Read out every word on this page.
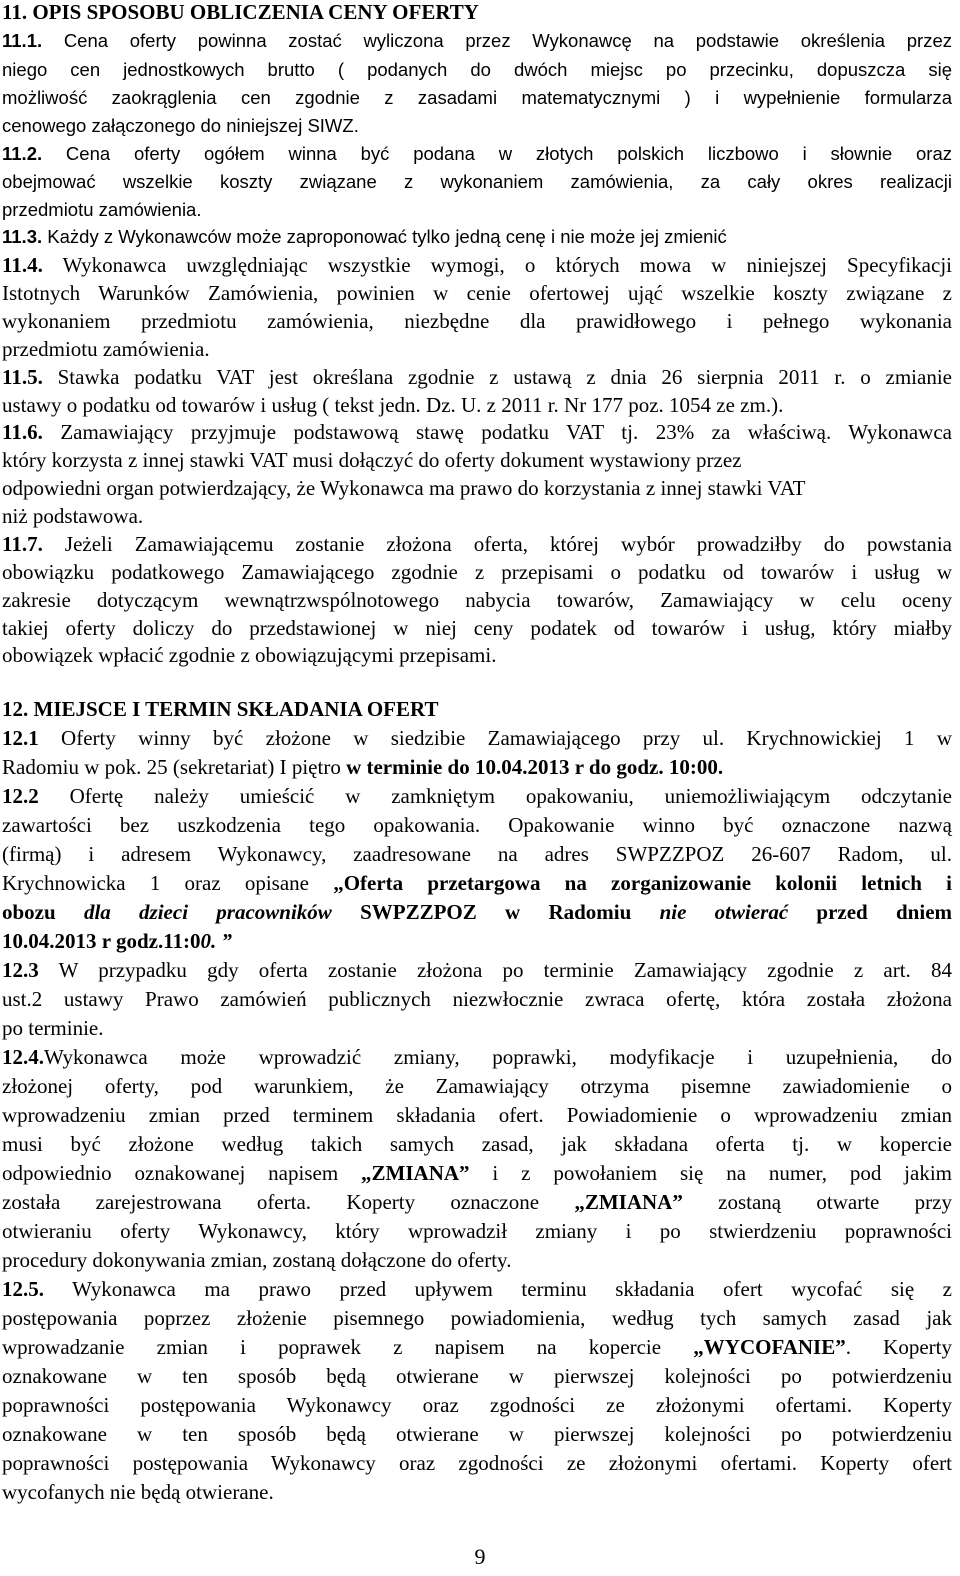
11. OPIS SPOSOBU OBLICZENIA CENY OFERTY
11.1. Cena oferty powinna zostać wyliczona przez Wykonawcę na podstawie określenia przez
niego cen jednostkowych brutto ( podanych do dwóch miejsc po przecinku, dopuszcza się
możliwość zaokrąglenia cen zgodnie z zasadami matematycznymi ) i wypełnienie formularza
cenowego załączonego do niniejszej SIWZ.
11.2. Cena oferty ogółem winna być podana w złotych polskich liczbowo i słownie oraz
obejmować wszelkie koszty związane z wykonaniem zamówienia, za cały okres realizacji
przedmiotu zamówienia.
11.3. Każdy z Wykonawców może zaproponować tylko jedną cenę i nie może jej zmienić
11.4. Wykonawca uwzględniając wszystkie wymogi, o których mowa w niniejszej Specyfikacji
Istotnych Warunków Zamówienia, powinien w cenie ofertowej ująć wszelkie koszty związane z
wykonaniem przedmiotu zamówienia, niezbędne dla prawidłowego i pełnego wykonania
przedmiotu zamówienia.
11.5. Stawka podatku VAT jest określana zgodnie z ustawą z dnia 26 sierpnia 2011 r. o zmianie
ustawy o podatku od towarów i usług ( tekst jedn. Dz. U. z 2011 r. Nr 177 poz. 1054 ze zm.).
11.6. Zamawiający przyjmuje podstawową stawę podatku VAT tj. 23% za właściwą. Wykonawca
który korzysta z innej stawki VAT musi dołączyć do oferty dokument wystawiony przez
odpowiedni organ potwierdzający, że Wykonawca ma prawo do korzystania z innej stawki VAT
niż podstawowa.
11.7. Jeżeli Zamawiającemu zostanie złożona oferta, której wybór prowadziłby do powstania
obowiązku podatkowego Zamawiającego zgodnie z przepisami o podatku od towarów i usług w
zakresie dotyczącym wewnątrzwspólnotowego nabycia towarów, Zamawiający w celu oceny
takiej oferty doliczy do przedstawionej w niej ceny podatek od towarów i usług, który miałby
obowiązek wpłacić zgodnie z obowiązującymi przepisami.
12. MIEJSCE I TERMIN SKŁADANIA OFERT
12.1 Oferty winny być złożone w siedzibie Zamawiającego przy ul. Krychnowickiej 1 w
Radomiu w pok. 25 (sekretariat) I piętro w terminie do 10.04.2013 r do godz. 10:00.
12.2 Ofertę należy umieścić w zamkniętym opakowaniu, uniemożliwiającym odczytanie
zawartości bez uszkodzenia tego opakowania. Opakowanie winno być oznaczone nazwą
(firmą) i adresem Wykonawcy, zaadresowane na adres SWPZZPOZ 26-607 Radom, ul.
Krychnowicka 1 oraz opisane „Oferta przetargowa na zorganizowanie kolonii letnich i
obozu dla dzieci pracowników SWPZZPOZ w Radomiu nie otwierać przed dniem
10.04.2013 r godz.11:00. ”
12.3 W przypadku gdy oferta zostanie złożona po terminie Zamawiający zgodnie z art. 84
ust.2 ustawy Prawo zamówień publicznych niezwłocznie zwraca ofertę, która została złożona
po terminie.
12.4.Wykonawca może wprowadzić zmiany, poprawki, modyfikacje i uzupełnienia, do
złożonej oferty, pod warunkiem, że Zamawiający otrzyma pisemne zawiadomienie o
wprowadzeniu zmian przed terminem składania ofert. Powiadomienie o wprowadzeniu zmian
musi być złożone według takich samych zasad, jak składana oferta tj. w kopercie
odpowiednio oznakowanej napisem „ZMIANA” i z powołaniem się na numer, pod jakim
została zarejestrowana oferta. Koperty oznaczone „ZMIANA” zostaną otwarte przy
otwieraniu oferty Wykonawcy, który wprowadził zmiany i po stwierdzeniu poprawności
procedury dokonywania zmian, zostaną dołączone do oferty.
12.5. Wykonawca ma prawo przed upływem terminu składania ofert wycofać się z
postępowania poprzez złożenie pisemnego powiadomienia, według tych samych zasad jak
wprowadzanie zmian i poprawek z napisem na kopercie „WYCOFANIE”. Koperty
oznakowane w ten sposób będą otwierane w pierwszej kolejności po potwierdzeniu
poprawności postępowania Wykonawcy oraz zgodności ze złożonymi ofertami. Koperty
oznakowane w ten sposób będą otwierane w pierwszej kolejności po potwierdzeniu
poprawności postępowania Wykonawcy oraz zgodności ze złożonymi ofertami. Koperty ofert
wycofanych nie będą otwierane.
9
